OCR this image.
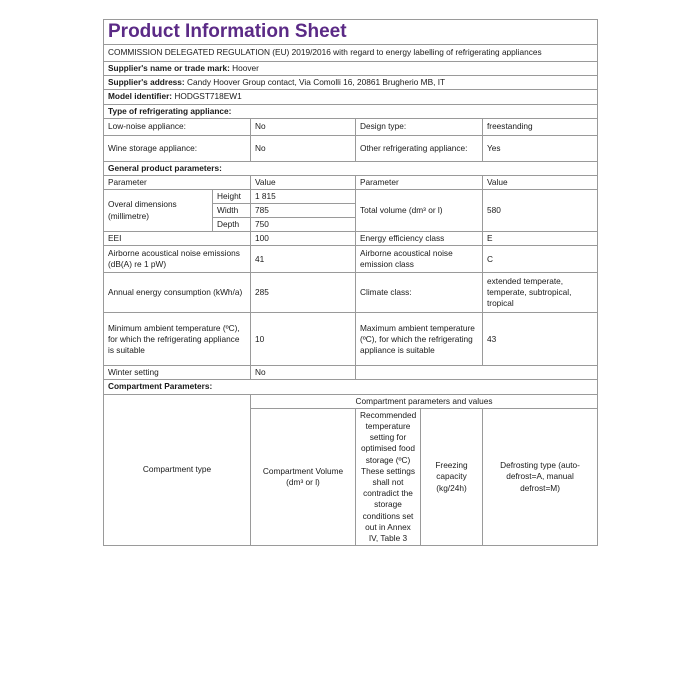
Product Information Sheet					
COMMISSION DELEGATED REGULATION (EU) 2019/2016 with regard to energy labelling of refrigerating appliances					
Supplier's name or trade mark: Hoover					
Supplier's address: Candy Hoover Group contact, Via Comolli 16, 20861 Brugherio MB, IT					
Model identifier: HODGST718EW1					
Type of refrigerating appliance:					
Low-noise appliance:		No	Design type:		freestanding
Wine storage appliance:		No	Other refrigerating appliance:		Yes
General product parameters:					
Parameter		Value	Parameter		Value
Overal dimensions (millimetre)	Height	1 815	Total volume (dm³ or l)		580
	Width	785			
	Depth	750			
EEI		100	Energy efficiency class		E
Airborne acoustical noise emissions (dB(A) re 1 pW)		41	Airborne acoustical noise emission class		C
Annual energy consumption (kWh/a)		285	Climate class:		extended temperate, temperate, subtropical, tropical
Minimum ambient temperature (ºC), for which the refrigerating appliance is suitable		10	Maximum ambient temperature (ºC), for which the refrigerating appliance is suitable		43
Winter setting		No			
Compartment Parameters:					
Compartment type		Compartment parameters and values			
		Compartment Volume (dm³ or l)	Recommended temperature setting for optimised food storage (ºC) These settings shall not contradict the storage conditions set out in Annex IV, Table 3	Freezing capacity (kg/24h)	Defrosting type (auto-defrost=A, manual defrost=M)
